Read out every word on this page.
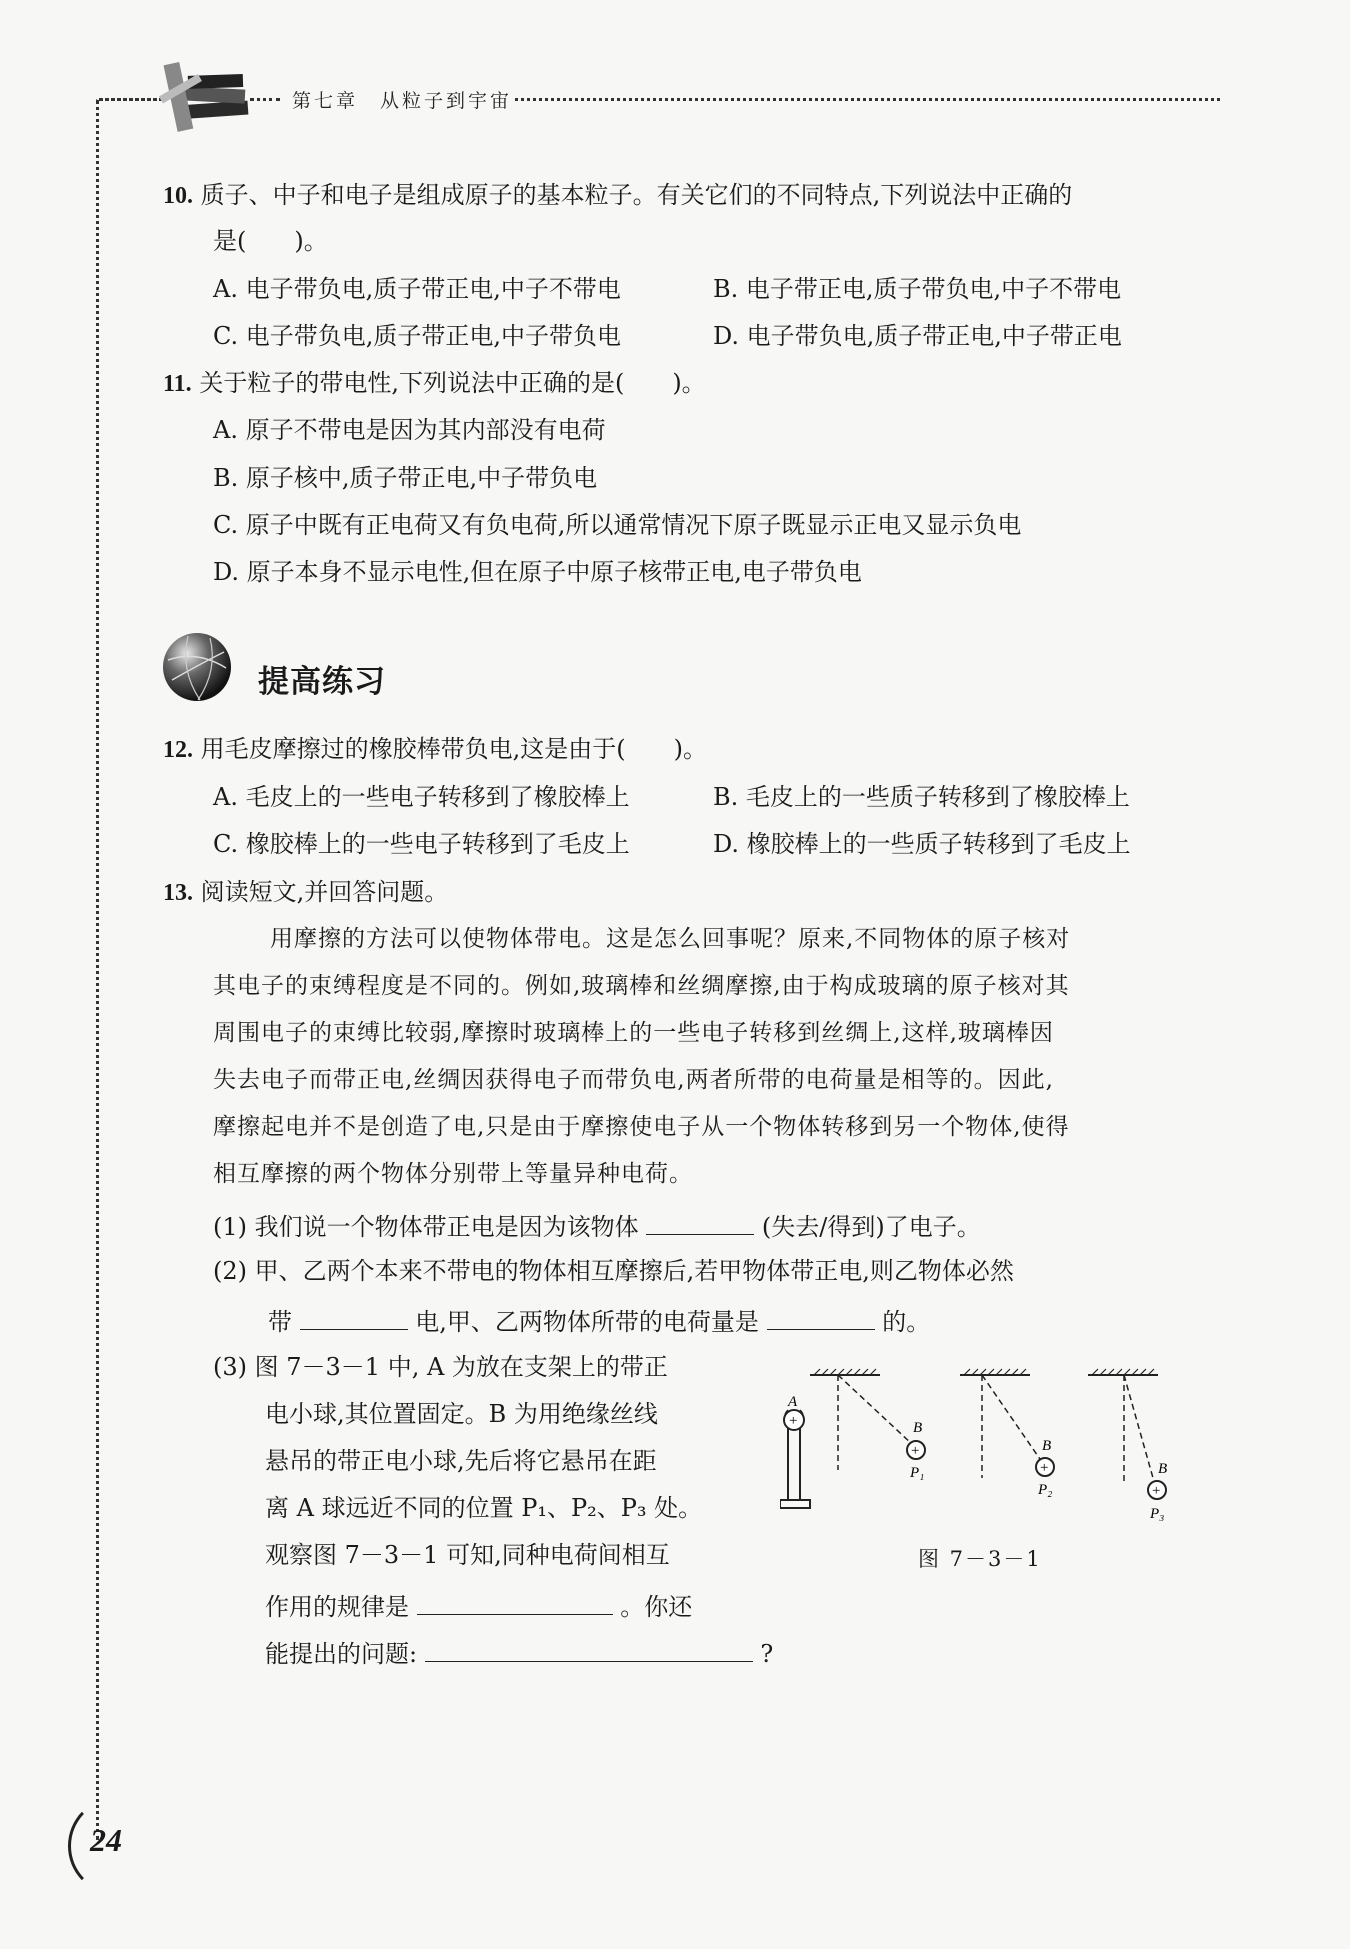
第七章　从粒子到宇宙
10. 质子、中子和电子是组成原子的基本粒子。有关它们的不同特点,下列说法中正确的
是(　　)。
A. 电子带负电,质子带正电,中子不带电	B. 电子带正电,质子带负电,中子不带电
C. 电子带负电,质子带正电,中子带负电	D. 电子带负电,质子带正电,中子带正电
11. 关于粒子的带电性,下列说法中正确的是(　　)。
A. 原子不带电是因为其内部没有电荷
B. 原子核中,质子带正电,中子带负电
C. 原子中既有正电荷又有负电荷,所以通常情况下原子既显示正电又显示负电
D. 原子本身不显示电性,但在原子中原子核带正电,电子带负电
提高练习
12. 用毛皮摩擦过的橡胶棒带负电,这是由于(　　)。
A. 毛皮上的一些电子转移到了橡胶棒上	B. 毛皮上的一些质子转移到了橡胶棒上
C. 橡胶棒上的一些电子转移到了毛皮上	D. 橡胶棒上的一些质子转移到了毛皮上
13. 阅读短文,并回答问题。
用摩擦的方法可以使物体带电。这是怎么回事呢？原来,不同物体的原子核对
其电子的束缚程度是不同的。例如,玻璃棒和丝绸摩擦,由于构成玻璃的原子核对其
周围电子的束缚比较弱,摩擦时玻璃棒上的一些电子转移到丝绸上,这样,玻璃棒因
失去电子而带正电,丝绸因获得电子而带负电,两者所带的电荷量是相等的。因此,
摩擦起电并不是创造了电,只是由于摩擦使电子从一个物体转移到另一个物体,使得
相互摩擦的两个物体分别带上等量异种电荷。
(1) 我们说一个物体带正电是因为该物体	(失去/得到)了电子。
(2) 甲、乙两个本来不带电的物体相互摩擦后,若甲物体带正电,则乙物体必然
带	电,甲、乙两物体所带的电荷量是	的。
(3) 图 7－3－1 中, A 为放在支架上的带正
电小球,其位置固定。B 为用绝缘丝线
悬吊的带正电小球,先后将它悬吊在距
离 A 球远近不同的位置 P₁、P₂、P₃ 处。
观察图 7－3－1 可知,同种电荷间相互
作用的规律是	。你还
能提出的问题:	?
+
A
+
B
P₁	+
B
P₂	+
B
P₃
图 7－3－1
24
